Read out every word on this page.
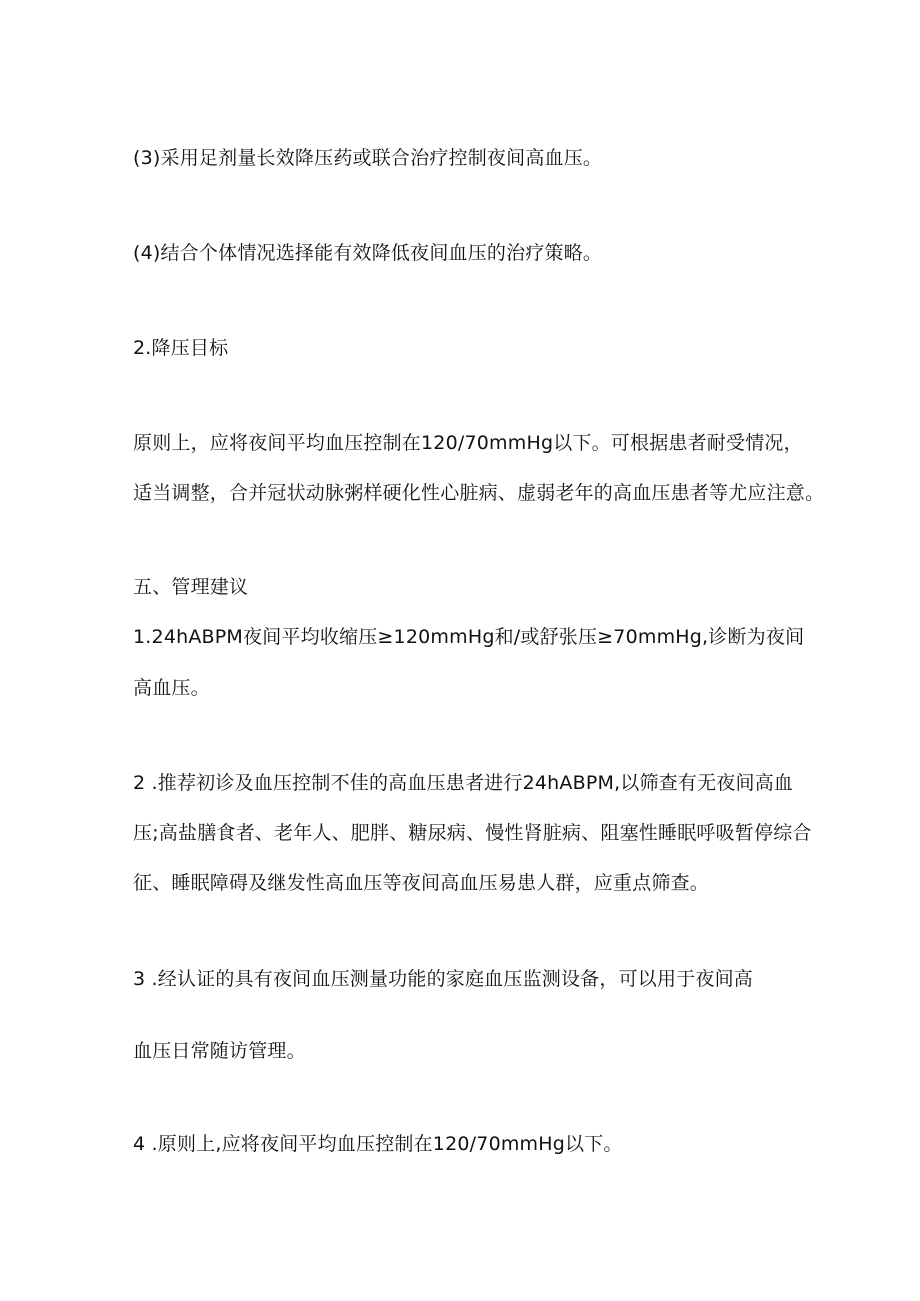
(3)采用足剂量长效降压药或联合治疗控制夜间高血压。
(4)结合个体情况选择能有效降低夜间血压的治疗策略。
2.降压目标
原则上，应将夜间平均血压控制在120/70mmHg以下。可根据患者耐受情况，
适当调整，合并冠状动脉粥样硬化性心脏病、虚弱老年的高血压患者等尤应注意。
五、管理建议
1.24hABPM夜间平均收缩压≥120mmHg和/或舒张压≥70mmHg,诊断为夜间
高血压。
2 .推荐初诊及血压控制不佳的高血压患者进行24hABPM,以筛查有无夜间高血
压;高盐膳食者、老年人、肥胖、糖尿病、慢性肾脏病、阻塞性睡眠呼吸暂停综合
征、睡眠障碍及继发性高血压等夜间高血压易患人群，应重点筛查。
3 .经认证的具有夜间血压测量功能的家庭血压监测设备，可以用于夜间高
血压日常随访管理。
4 .原则上,应将夜间平均血压控制在120/70mmHg以下。
